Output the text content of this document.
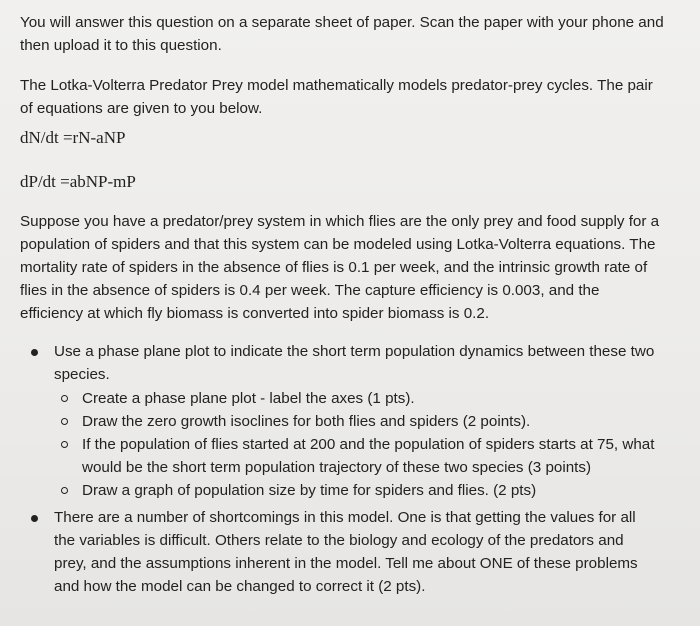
You will answer this question on a separate sheet of paper. Scan the paper with your phone and then upload it to this question.

The Lotka-Volterra Predator Prey model mathematically models predator-prey cycles. The pair of equations are given to you below.

dN/dt =rN-aNP
dP/dt =abNP-mP

Suppose you have a predator/prey system in which flies are the only prey and food supply for a population of spiders and that this system can be modeled using Lotka-Volterra equations. The mortality rate of spiders in the absence of flies is 0.1 per week, and the intrinsic growth rate of flies in the absence of spiders is 0.4 per week. The capture efficiency is 0.003, and the efficiency at which fly biomass is converted into spider biomass is 0.2.

Use a phase plane plot to indicate the short term population dynamics between these two species.
Create a phase plane plot - label the axes (1 pts).
Draw the zero growth isoclines for both flies and spiders (2 points).
If the population of flies started at 200 and the population of spiders starts at 75, what would be the short term population trajectory of these two species (3 points)
Draw a graph of population size by time for spiders and flies. (2 pts)
There are a number of shortcomings in this model. One is that getting the values for all the variables is difficult. Others relate to the biology and ecology of the predators and prey, and the assumptions inherent in the model. Tell me about ONE of these problems and how the model can be changed to correct it (2 pts).
